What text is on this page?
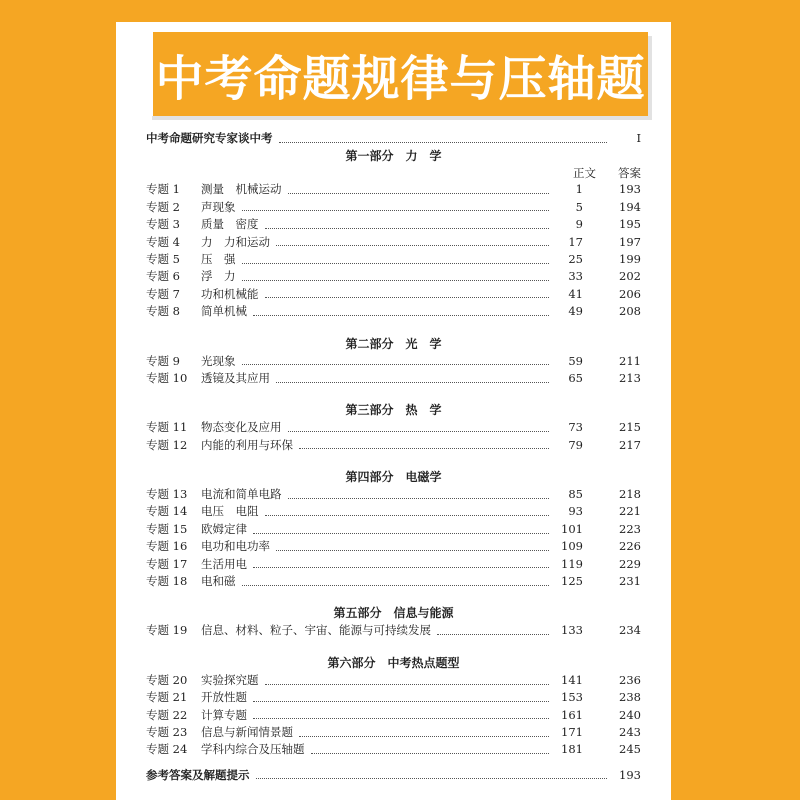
中考命题规律与压轴题
中考命题研究专家谈中考	Ⅰ
第一部分　力　学
正文 答案
专题 1	测量　机械运动	1	193
专题 2	声现象	5	194
专题 3	质量　密度	9	195
专题 4	力　力和运动	17	197
专题 5	压　强	25	199
专题 6	浮　力	33	202
专题 7	功和机械能	41	206
专题 8	简单机械	49	208
第二部分　光　学
专题 9	光现象	59	211
专题 10	透镜及其应用	65	213
第三部分　热　学
专题 11	物态变化及应用	73	215
专题 12	内能的利用与环保	79	217
第四部分　电磁学
专题 13	电流和简单电路	85	218
专题 14	电压　电阻	93	221
专题 15	欧姆定律	101	223
专题 16	电功和电功率	109	226
专题 17	生活用电	119	229
专题 18	电和磁	125	231
第五部分　信息与能源
专题 19	信息、材料、粒子、宇宙、能源与可持续发展	133	234
第六部分　中考热点题型
专题 20	实验探究题	141	236
专题 21	开放性题	153	238
专题 22	计算专题	161	240
专题 23	信息与新闻情景题	171	243
专题 24	学科内综合及压轴题	181	245
参考答案及解题提示	193
